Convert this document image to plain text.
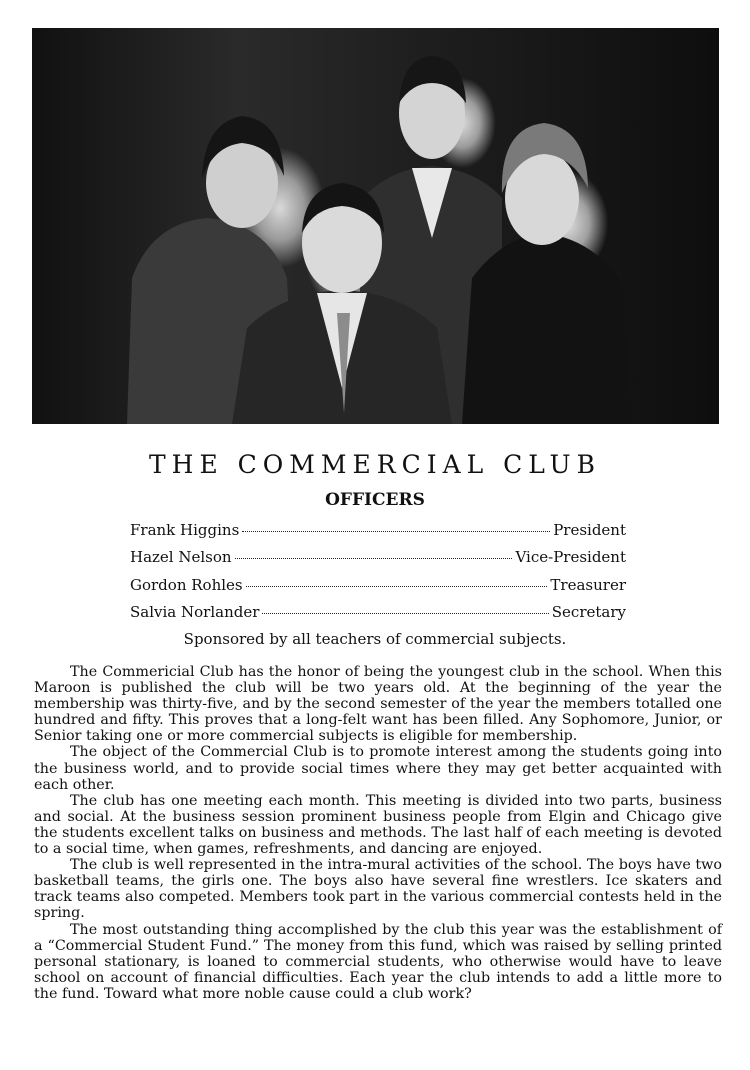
THE COMMERCIAL CLUB
OFFICERS
Frank Higgins	President
Hazel Nelson	Vice-President
Gordon Rohles	Treasurer
Salvia Norlander	Secretary
Sponsored by all teachers of commercial subjects.

The Commericial Club has the honor of being the youngest club in the school. When this Maroon is published the club will be two years old. At the beginning of the year the membership was thirty-five, and by the second semester of the year the members totalled one hundred and fifty. This proves that a long-felt want has been filled. Any Sophomore, Junior, or Senior taking one or more commercial subjects is eligible for membership.

The object of the Commercial Club is to promote interest among the students going into the business world, and to provide social times where they may get better acquainted with each other.

The club has one meeting each month. This meeting is divided into two parts, business and social. At the business session prominent business people from Elgin and Chicago give the students excellent talks on business and methods. The last half of each meeting is devoted to a social time, when games, refreshments, and dancing are enjoyed.

The club is well represented in the intra-mural activities of the school. The boys have two basketball teams, the girls one. The boys also have several fine wrestlers. Ice skaters and track teams also competed. Members took part in the various commercial contests held in the spring.

The most outstanding thing accomplished by the club this year was the establishment of a “Commercial Student Fund.” The money from this fund, which was raised by selling printed personal stationary, is loaned to commercial students, who otherwise would have to leave school on account of financial difficulties. Each year the club intends to add a little more to the fund. Toward what more noble cause could a club work?
